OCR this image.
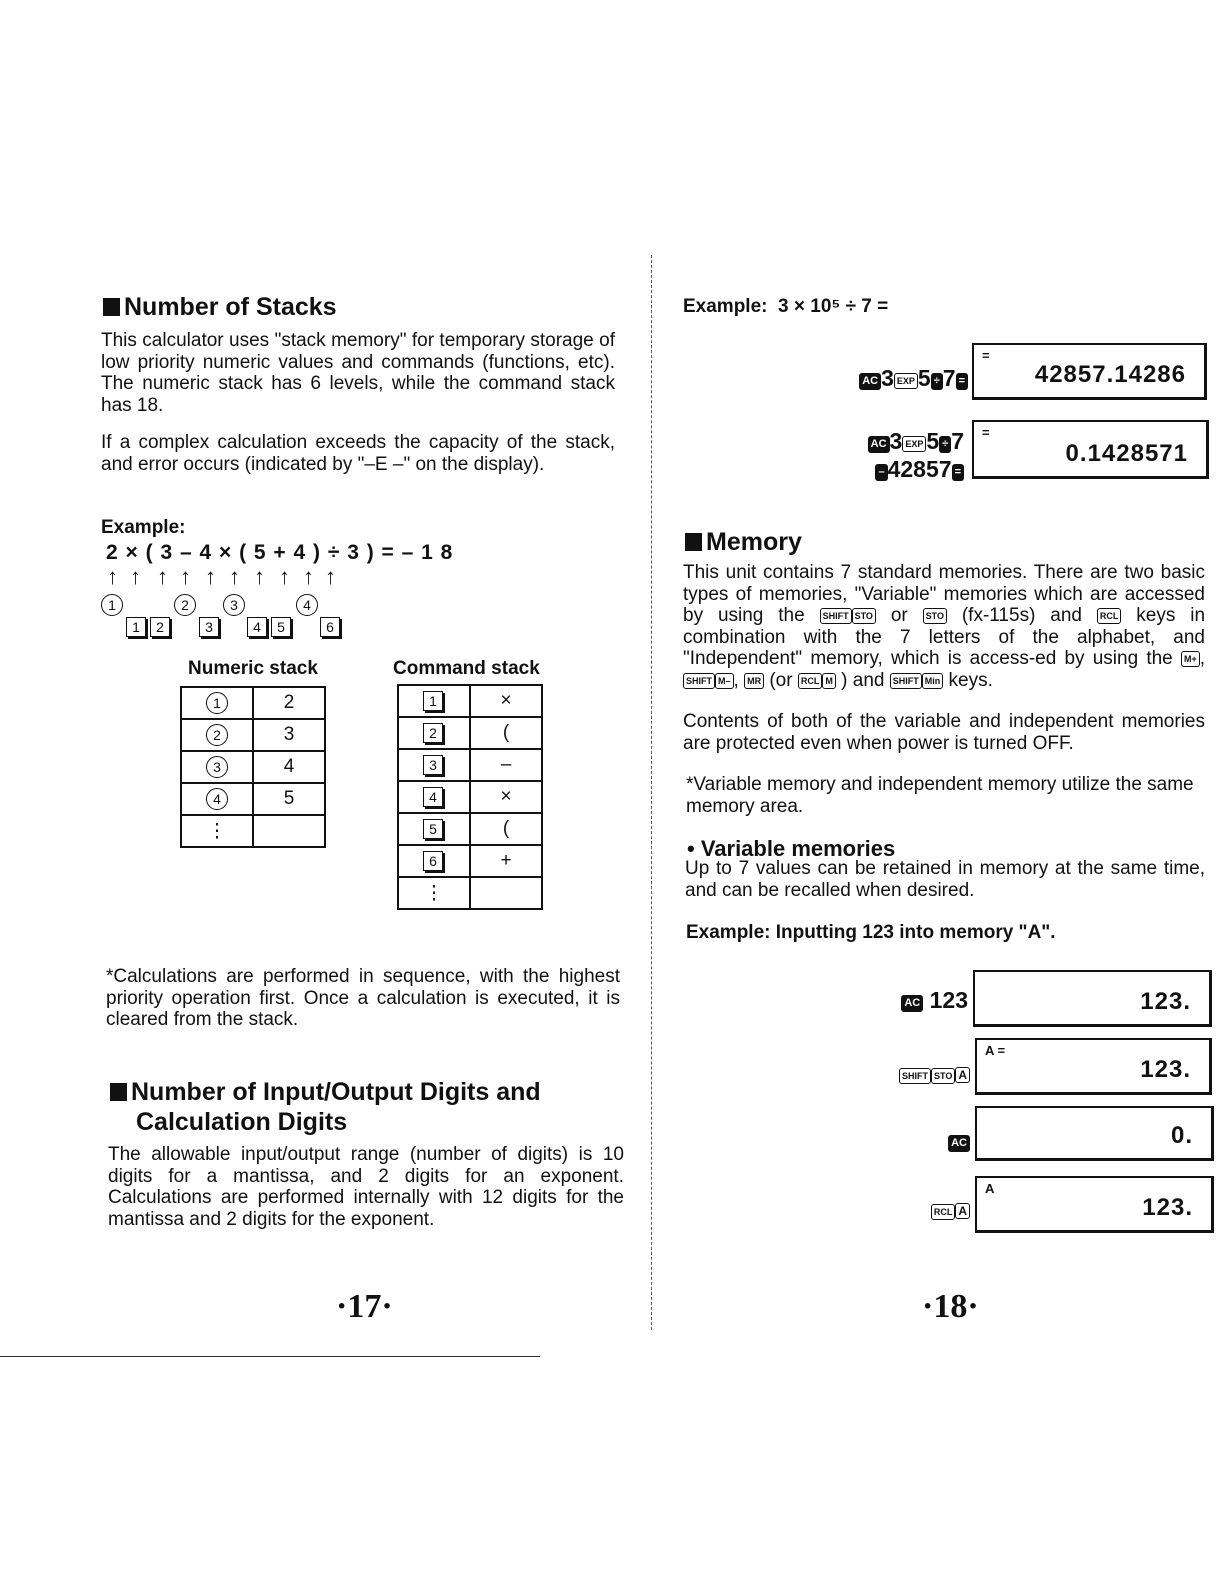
Number of Stacks
This calculator uses "stack memory" for temporary storage of low priority numeric values and commands (functions, etc). The numeric stack has 6 levels, while the command stack has 18.
If a complex calculation exceeds the capacity of the stack, and error occurs (indicated by "–E –" on the display).
Example:
2 × ( 3 – 4 × ( 5 + 4 ) ÷ 3 ) = – 1 8
↑ ↑ ↑ ↑ ↑ ↑ ↑ ↑ ↑ ↑
1	2	3	4
1	2	3	4	5	6
Numeric stack
1	2
2	3
3	4
4	5
⋮	
Command stack
1	×
2	(
3	–
4	×
5	(
6	+
⋮	
*Calculations are performed in sequence, with the highest priority operation first. Once a calculation is executed, it is cleared from the stack.
Number of Input/Output Digits and
Calculation Digits
The allowable input/output range (number of digits) is 10 digits for a mantissa, and 2 digits for an exponent. Calculations are performed internally with 12 digits for the mantissa and 2 digits for the exponent.
·17·
Example: 3 × 10⁵ ÷ 7 =
AC 3 EXP 5 ÷ 7 =
=
42857.14286
AC 3 EXP 5 ÷ 7
– 42857 =
=
0.1428571
Memory
This unit contains 7 standard memories. There are two basic types of memories, "Variable" memories which are accessed by using the SHIFT STO or STO (fx-115s) and RCL keys in combination with the 7 letters of the alphabet, and "Independent" memory, which is access-ed by using the M+ , SHIFT M– , MR (or RCL M ) and SHIFT Min keys.
Contents of both of the variable and independent memories are protected even when power is turned OFF.
*Variable memory and independent memory utilize the same memory area.
• Variable memories
Up to 7 values can be retained in memory at the same time, and can be recalled when desired.
Example: Inputting 123 into memory "A".
AC 123	123.
SHIFT STO A
A =
123.
AC	0.
RCL A
A
123.
·18·
